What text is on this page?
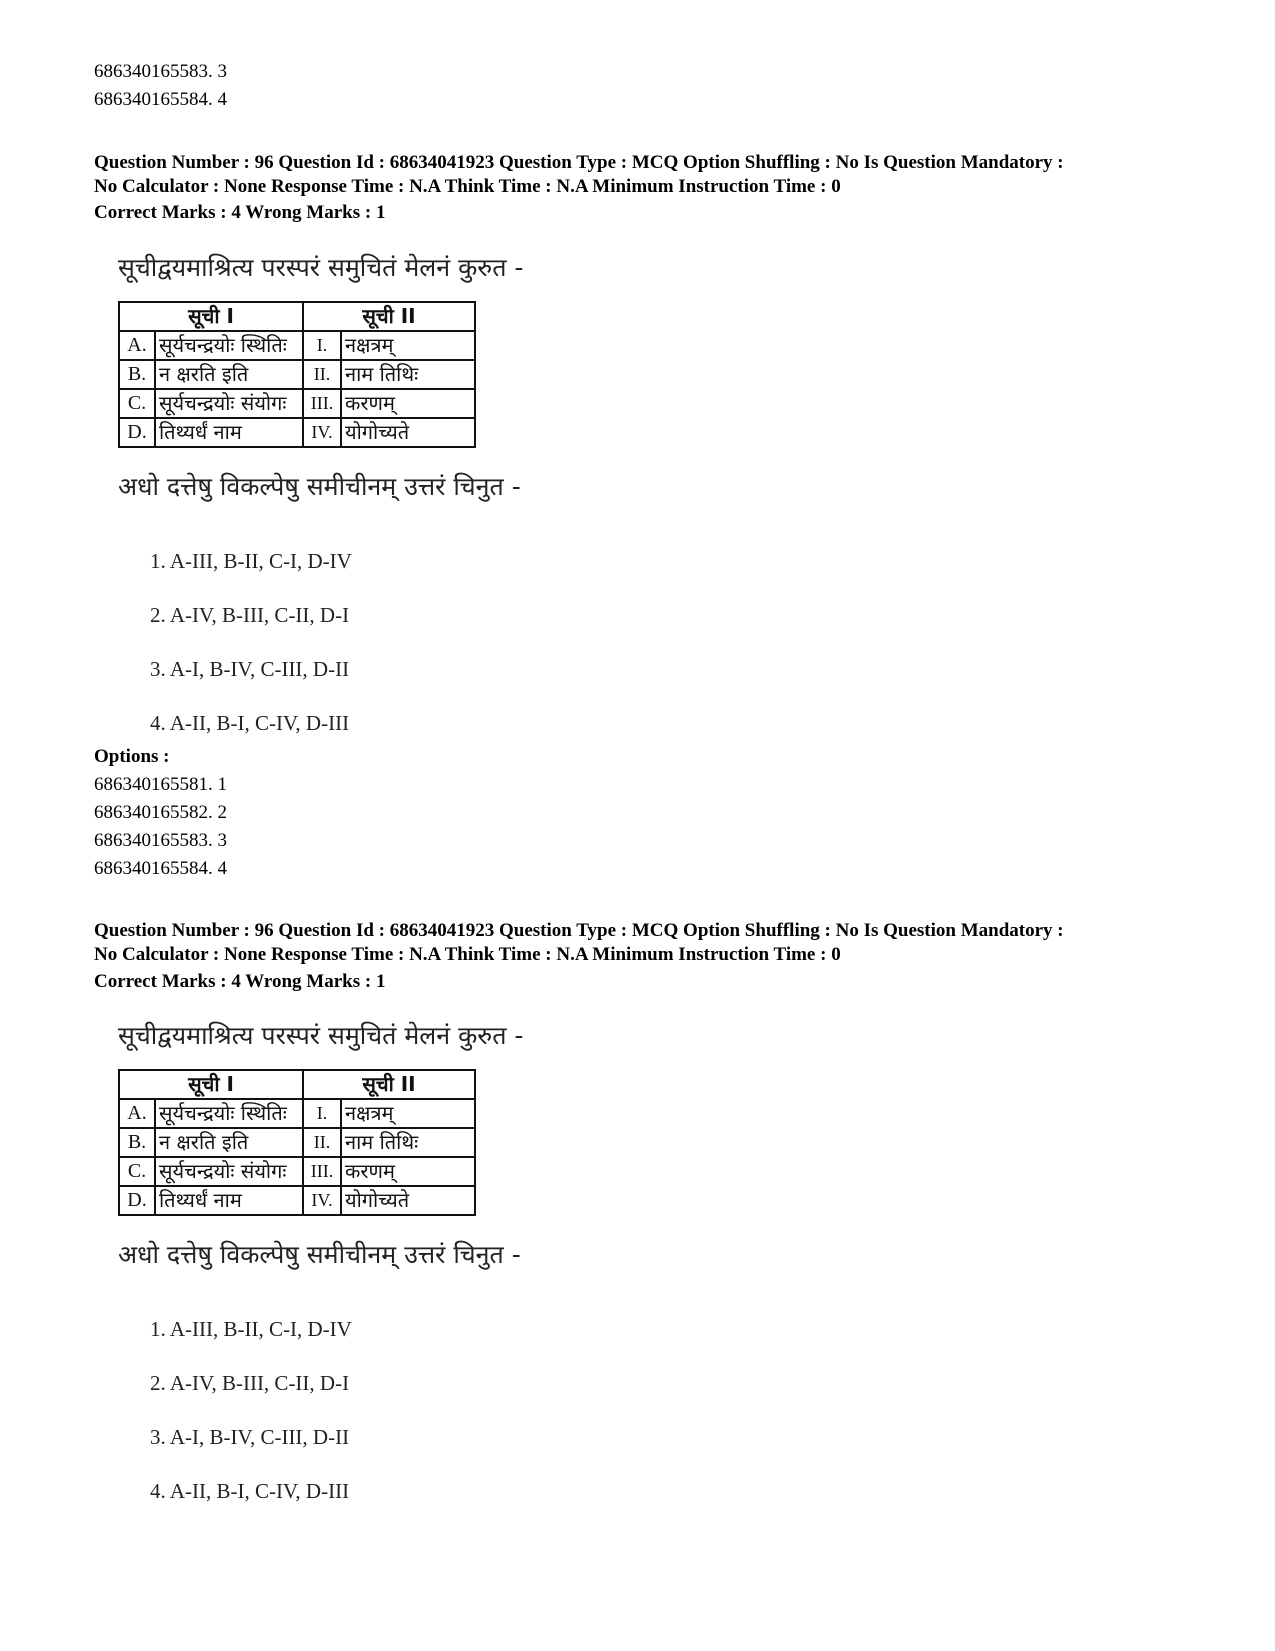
686340165583. 3
686340165584. 4
Question Number : 96 Question Id : 68634041923 Question Type : MCQ Option Shuffling : No Is Question Mandatory :
No Calculator : None Response Time : N.A Think Time : N.A Minimum Instruction Time : 0
Correct Marks : 4 Wrong Marks : 1
सूचीद्वयमाश्रित्य परस्परं समुचितं मेलनं कुरुत -
सूची I		सूची II	
A.	सूर्यचन्द्रयोः स्थितिः	I.	नक्षत्रम्
B.	न क्षरति इति	II.	नाम तिथिः
C.	सूर्यचन्द्रयोः संयोगः	III.	करणम्
D.	तिथ्यर्धं नाम	IV.	योगोच्यते
अधो दत्तेषु विकल्पेषु समीचीनम् उत्तरं चिनुत -
1. A-III, B-II, C-I, D-IV
2. A-IV, B-III, C-II, D-I
3. A-I, B-IV, C-III, D-II
4. A-II, B-I, C-IV, D-III
Options :
686340165581. 1
686340165582. 2
686340165583. 3
686340165584. 4
Question Number : 96 Question Id : 68634041923 Question Type : MCQ Option Shuffling : No Is Question Mandatory :
No Calculator : None Response Time : N.A Think Time : N.A Minimum Instruction Time : 0
Correct Marks : 4 Wrong Marks : 1
सूचीद्वयमाश्रित्य परस्परं समुचितं मेलनं कुरुत -
सूची I		सूची II	
A.	सूर्यचन्द्रयोः स्थितिः	I.	नक्षत्रम्
B.	न क्षरति इति	II.	नाम तिथिः
C.	सूर्यचन्द्रयोः संयोगः	III.	करणम्
D.	तिथ्यर्धं नाम	IV.	योगोच्यते
अधो दत्तेषु विकल्पेषु समीचीनम् उत्तरं चिनुत -
1. A-III, B-II, C-I, D-IV
2. A-IV, B-III, C-II, D-I
3. A-I, B-IV, C-III, D-II
4. A-II, B-I, C-IV, D-III
